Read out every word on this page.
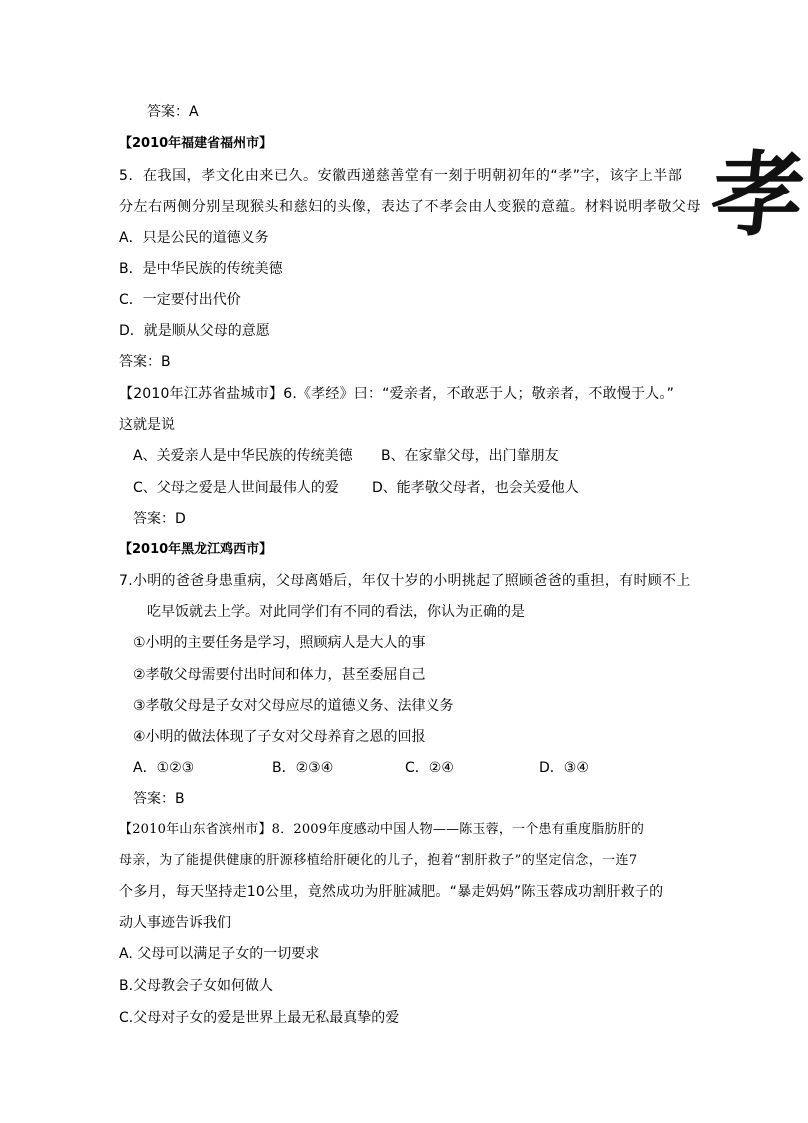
答案：A
【2010年福建省福州市】
5．在我国，孝文化由来已久。安徽西递慈善堂有一刻于明朝初年的“孝”字，该字上半部
分左右两侧分别呈现猴头和慈妇的头像，表达了不孝会由人变猴的意蕴。材料说明孝敬父母
A．只是公民的道德义务
B．是中华民族的传统美德
C．一定要付出代价
D．就是顺从父母的意愿
答案：B
孝
【2010年江苏省盐城市】6.《孝经》曰：“爱亲者，不敢恶于人；敬亲者，不敢慢于人。”
这就是说
A、关爱亲人是中华民族的传统美德 B、在家靠父母，出门靠朋友
C、父母之爱是人世间最伟人的爱 D、能孝敬父母者，也会关爱他人
答案：D
【2010年黑龙江鸡西市】
7.小明的爸爸身患重病，父母离婚后，年仅十岁的小明挑起了照顾爸爸的重担，有时顾不上
吃早饭就去上学。对此同学们有不同的看法，你认为正确的是
①小明的主要任务是学习，照顾病人是大人的事
②孝敬父母需要付出时间和体力，甚至委屈自己
③孝敬父母是子女对父母应尽的道德义务、法律义务
④小明的做法体现了子女对父母养育之恩的回报
A．①②③	B．②③④	C．②④	D．③④
答案：B
【2010年山东省滨州市】8．2009年度感动中国人物——陈玉蓉，一个患有重度脂肪肝的
母亲，为了能提供健康的肝源移植给肝硬化的儿子，抱着“割肝救子”的坚定信念，一连7
个多月，每天坚持走10公里，竟然成功为肝脏减肥。“暴走妈妈”陈玉蓉成功割肝救子的
动人事迹告诉我们
A. 父母可以满足子女的一切要求
B.父母教会子女如何做人
C.父母对子女的爱是世界上最无私最真挚的爱
